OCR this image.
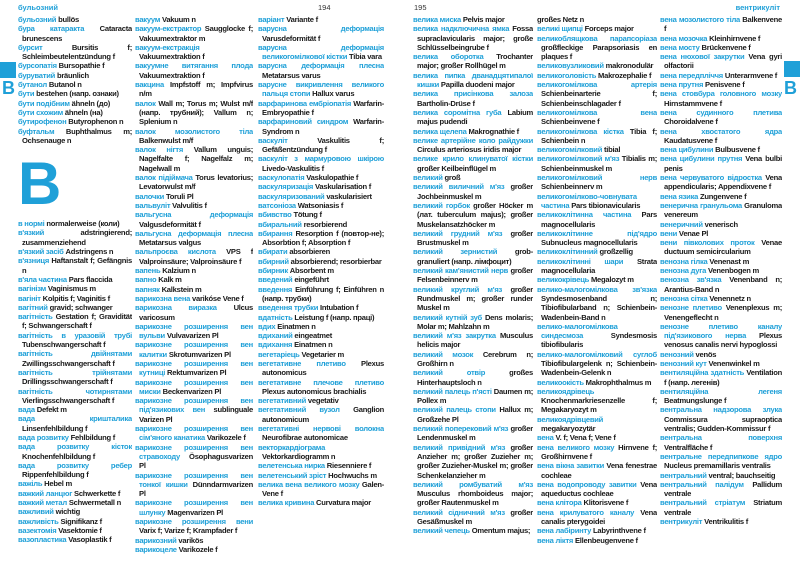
бульозний	194	195	вентрикуліт
B	B
бульозний bullös
бура катаракта Cataracta brunescens
бурсит	Bursitis f; Schleimbeutelentzündung f
бурсопатія Bursopathie f
буруватий bräunlich
бутанол Butanol n
бути bestehen (напр. ознаки)
бути подібним ähneln (до)
бути схожим ähneln (на)
бутирофенон Butyrophenon n
буфтальм Buphthalmus m; Ochsenauge n
В
в нормі normalerweise (коли)
в'язкий	adstringierend; zusammenziehend
в'язкий засіб Adstringens n
в'язниця Haftanstalt f; Gefängnis n
в'яла частина Pars flaccida
вагінізм Vaginismus m
вагініт Kolpitis f; Vaginitis f
вагітний gravid; schwanger
вагітність Gestation f; Gravidität f; Schwangerschaft f
вагітність в уразовій трубі Tubenschwangerschaft f
вагітність двійнятами Zwillingsschwangerschaft f
вагітність трійнятами Drillingsschwangerschaft f
вагітність чотирнятами Vierlingsschwangerschaft f
вада Defekt m
вада кришталика Linsenfehlbildung f
вада розвитку Fehlbildung f
вада розвитку кісток Knochenfehlbildung f
вада розвитку ребер Rippenfehlbildung f
важіль Hebel m
важкий ланцюг Schwerkette f
важкий метал Schwermetall n
важливий wichtig
важливість Signifikanz f
вазектомія Vasektomie f
вазопластика Vasoplastik f
вакуум Vakuum n
вакуум-екстрактор Saugglocke f; Vakuumextraktor m
вакуум-екстракція Vakuumextraktion f
вакуумне витягання плода Vakuumextraktion f
вакцина Impfstoff m; Impfvirus n/m
валок Wall m; Torus m; Wulst m/f (напр. трубний); Vallum n; Splenium n
валок мозолистого тіла Balkenwulst m/f
валок нігтя Vallum unguis; Nagelfalte f; Nagelfalz m; Nagelwall m
валок підіймача Torus levatorius; Levatorwulst m/f
валочки Toruli Pl
вальвуліт Valvulitis f
вальгусна деформація Valgusdeformität f
вальгусна деформація плесна Metatarsus valgus
вальпроєва кислота VPS f Valproinsäure; Valproinsäure f
вапень Kalzium n
вапно Kalk m
вапняк Kalkstein m
варикозна вена varikóse Vene f
варикозна виразка Ulcus varicosum
варикозне розширення вен вульви Vulvavarizen Pl
варикозне розширення вен калитки Skrotumvarizen Pl
варикозне розширення вен кутниці Rektumvarizen Pl
варикозне розширення вен миски Beckenvarizen Pl
варикозне розширення вен під'язикових вен sublinguale Varizen Pl
варикозне розширення вен сім'яного канатика Varikozele f
варикозне розширення вен стравоходу Ösophagusvarizen Pl
варикозне розширення вен тонкої кишки Dünndarmvarizen Pl
варикозне розширення вен шлунку Magenvarizen Pl
варикозне розширення вени Varix f; Varize f; Krampfader f
варикозний varikös
варикоцеле Varikozele f
варіант Variante f
варусна деформація Varusdeformität f
варусна деформація великогомілкової кістки Tibia vara
варусна деформація плесна Metatarsus varus
варусне викривлення великого пальця стопи Hallux varus
варфаринова ембріопатія Warfarin-Embryopathie f
варфариновий синдром Warfarin-Syndrom n
васкуліт	Vaskulitis f; Gefäßentzündung f
васкуліт з мармуровою шкірою Livedo-Vaskulitis f
васкулопатія Vaskulopathie f
васкуляризація Vaskularisation f
васкуляризований vaskularisiert
ватсоніоза Watsoniasis f
вбивство Tötung f
вбиральний resorbierend
вбирання Resorption f (повтор-не); Absorbtion f; Absorption f
вбирати absorbieren
вбирний absorbierend; resorbierbar
вбирник Absorbent m
введений eingeführt
введення Einführung f; Einführen n (напр. трубки)
введення трубки Intubation f
вдатність Leistung f (напр. праці)
вдих Einatmen n
вдиханий eingeatmet
вдихання Einatmen n
вегетаріець Vegetarier m
вегетативне плетиво Plexus autonomicus
вегетативне плечове плетиво Plexus autonomicus brachialis
вегетативний vegetativ
вегетативний вузол Ganglion autonomicum
вегетативні нервові волокна Neurofibrae autonomicae
векторкардіограма Vektorkardiogramm n
велетенська нирка Riesenniere f
велетенський зріст Hochwuchs m
велика вена великого мозку Galen-Vene f
велика кривина Curvatura major
велика миска Pelvis major
велика надключична ямка Fossa supraclavicularis major; große Schlüsselbeingrube f
велика оборотка Trochanter major; großer Rollhügel m
велика пипка дванадцятипалої кишки Papilla duodeni major
велика присінкова залоза Bartholin-Drüse f
велика соромітна губа Labium majus pudendi
велика щелепа Makrognathie f
велике артерійне коло райдужки Circulus arteriosus iridis major
велике крило клинуватої кістки großer Keilbeinflügel m
великий groß
великий виличний м'яз großer Jochbeinmuskel m
великий горбок großer Höcker m (лат. tuberculum majus); großer Muskelansatzhöcker m
великий грудний м'яз großer Brustmuskel m
великий зернистий grob-granuliert (напр. лімфоцит)
великий кам'янистий нерв großer Felsenbeinnerv m
великий круглий м'яз großer Rundmuskel m; großer runder Muskel m
великий кутній зуб Dens molaris; Molar m; Mahlzahn m
великий м'яз закрутка Musculus helicis major
великий мозок Cerebrum n; Großhirn n
великий отвір	großes Hinterhauptsloch n
великий палець п'ясті Daumen m; Pollex m
великий палець стопи Hallux m; Großzehe Pl
великий поперековий м'яз großer Lendenmuskel m
великий привідний м'яз großer Anzieher m; großer Zuzieher m; großer Zuzieher-Muskel m; großer Schenkelanzieher m
великий ромбуватий м'яз Musculus rhomboideus major; großer Rautenmuskel m
великий сідничний м'яз großer Gesäßmuskel m
великий чепець Omentum majus;
großes Netz n
великі щипці Forceps major
великоблящкова парапсоріаза großfleckige Parapsoriasis en plaques f
великовузликовий makronodulär
великоголовість Makrozephalie f
великогомілкова артерія Schienbeinarterie f; Schienbeinschlagader f
великогомілкова вена Schienbeinvene f
великогомілкова кістка Tibia f; Schienbein n
великогомілковий tibial
великогомілковий м'яз Tibialis m; Schienbeinmuskel m
великогомілковий нерв Schienbeinnerv m
великогомілково-човнувата частина Pars tibionavicularis
великоклітинна частина Pars magnocellularis
великоклітинне під'ядро Subnucleus magnocellularis
великоклітинний großzellig
великоклітинні шари Strata magnocellularia
великокрівець Megalozyt m
велико-малогомілкова зв'язка Syndesmosenband n; Tibiofibularband n; Schienbein-Wadenbein-Band n
велико-малогомілкова синдесмоза	Syndesmosis tibiofibularis
велико-малогомілковий суглоб Tibiofibulargelenk n; Schienbein-Wadenbein-Gelenk n
великоокість Makrophthalmus m
великоядрівець Knochenmarkriesenzelle f; Megakaryozyt m
великоядрівцевий megakaryozytär
вена V. f; Vena f; Vene f
вена великого мозку Hirnvene f; Großhirnvene f
вена вікна завитки Vena fenestrae cochleae
вена водопроводу завитки Vena aqueductus cochleae
вена клітора Klitorisvene f
вена крилуватого каналу Vena canalis pterygoidei
вена лабіринту Labyrinthvene f
вена ліктя Ellenbeugenvene f
вена мозолистого тіла Balkenvene f
вена мозочка Kleinhirnvene f
вена мосту Brückenvene f
вена нюхової закрутки Vena gyri olfactorii
вена передпліччя Unterarmvene f
вена прутня Penisvene f
вена стовбура головного мозку Hirnstammvene f
вена судинного плетива Choroidalvene f
вена хвостатого ядра Kaudatusvene f
вена цибулини Bulbusvene f
вена цибулини прутня Vena bulbi penis
вена червуватого відростка Vena appendicularis; Appendixvene f
вена язика Zungenvene f
венерична гранульома Granuloma venereum
венеричний venerisch
вени Venae Pl
вени півколових проток Venae ductuum semicircularium
венозна гілка Venenast m
венозна дуга Venenbogen m
венозна зв'язка Venenband n; Arantius-Band n
венозна сітка Venennetz n
венозне плетиво Venenplexus m; Venengeflecht n
венозне плетиво каналу під'язикового нерва Plexus venosus canalis nervi hypoglossi
венозний venös
венозний кут Venenwinkel m
вентиляційна здатність Ventilation f (напр. легенів)
вентиляційна легеня Beatmungslunge f
вентральна надзорова злука Commissura supraoptica ventralis; Gudden-Kommissur f
вентральна поверхня Ventralfläche f
вентральне передпипкове ядро Nucleus premamillaris ventralis
вентральний ventral; bauchseitig
вентральний палідум Pallidum ventrale
вентральний стріатум Striatum ventrale
вентрикуліт Ventrikulitis f
